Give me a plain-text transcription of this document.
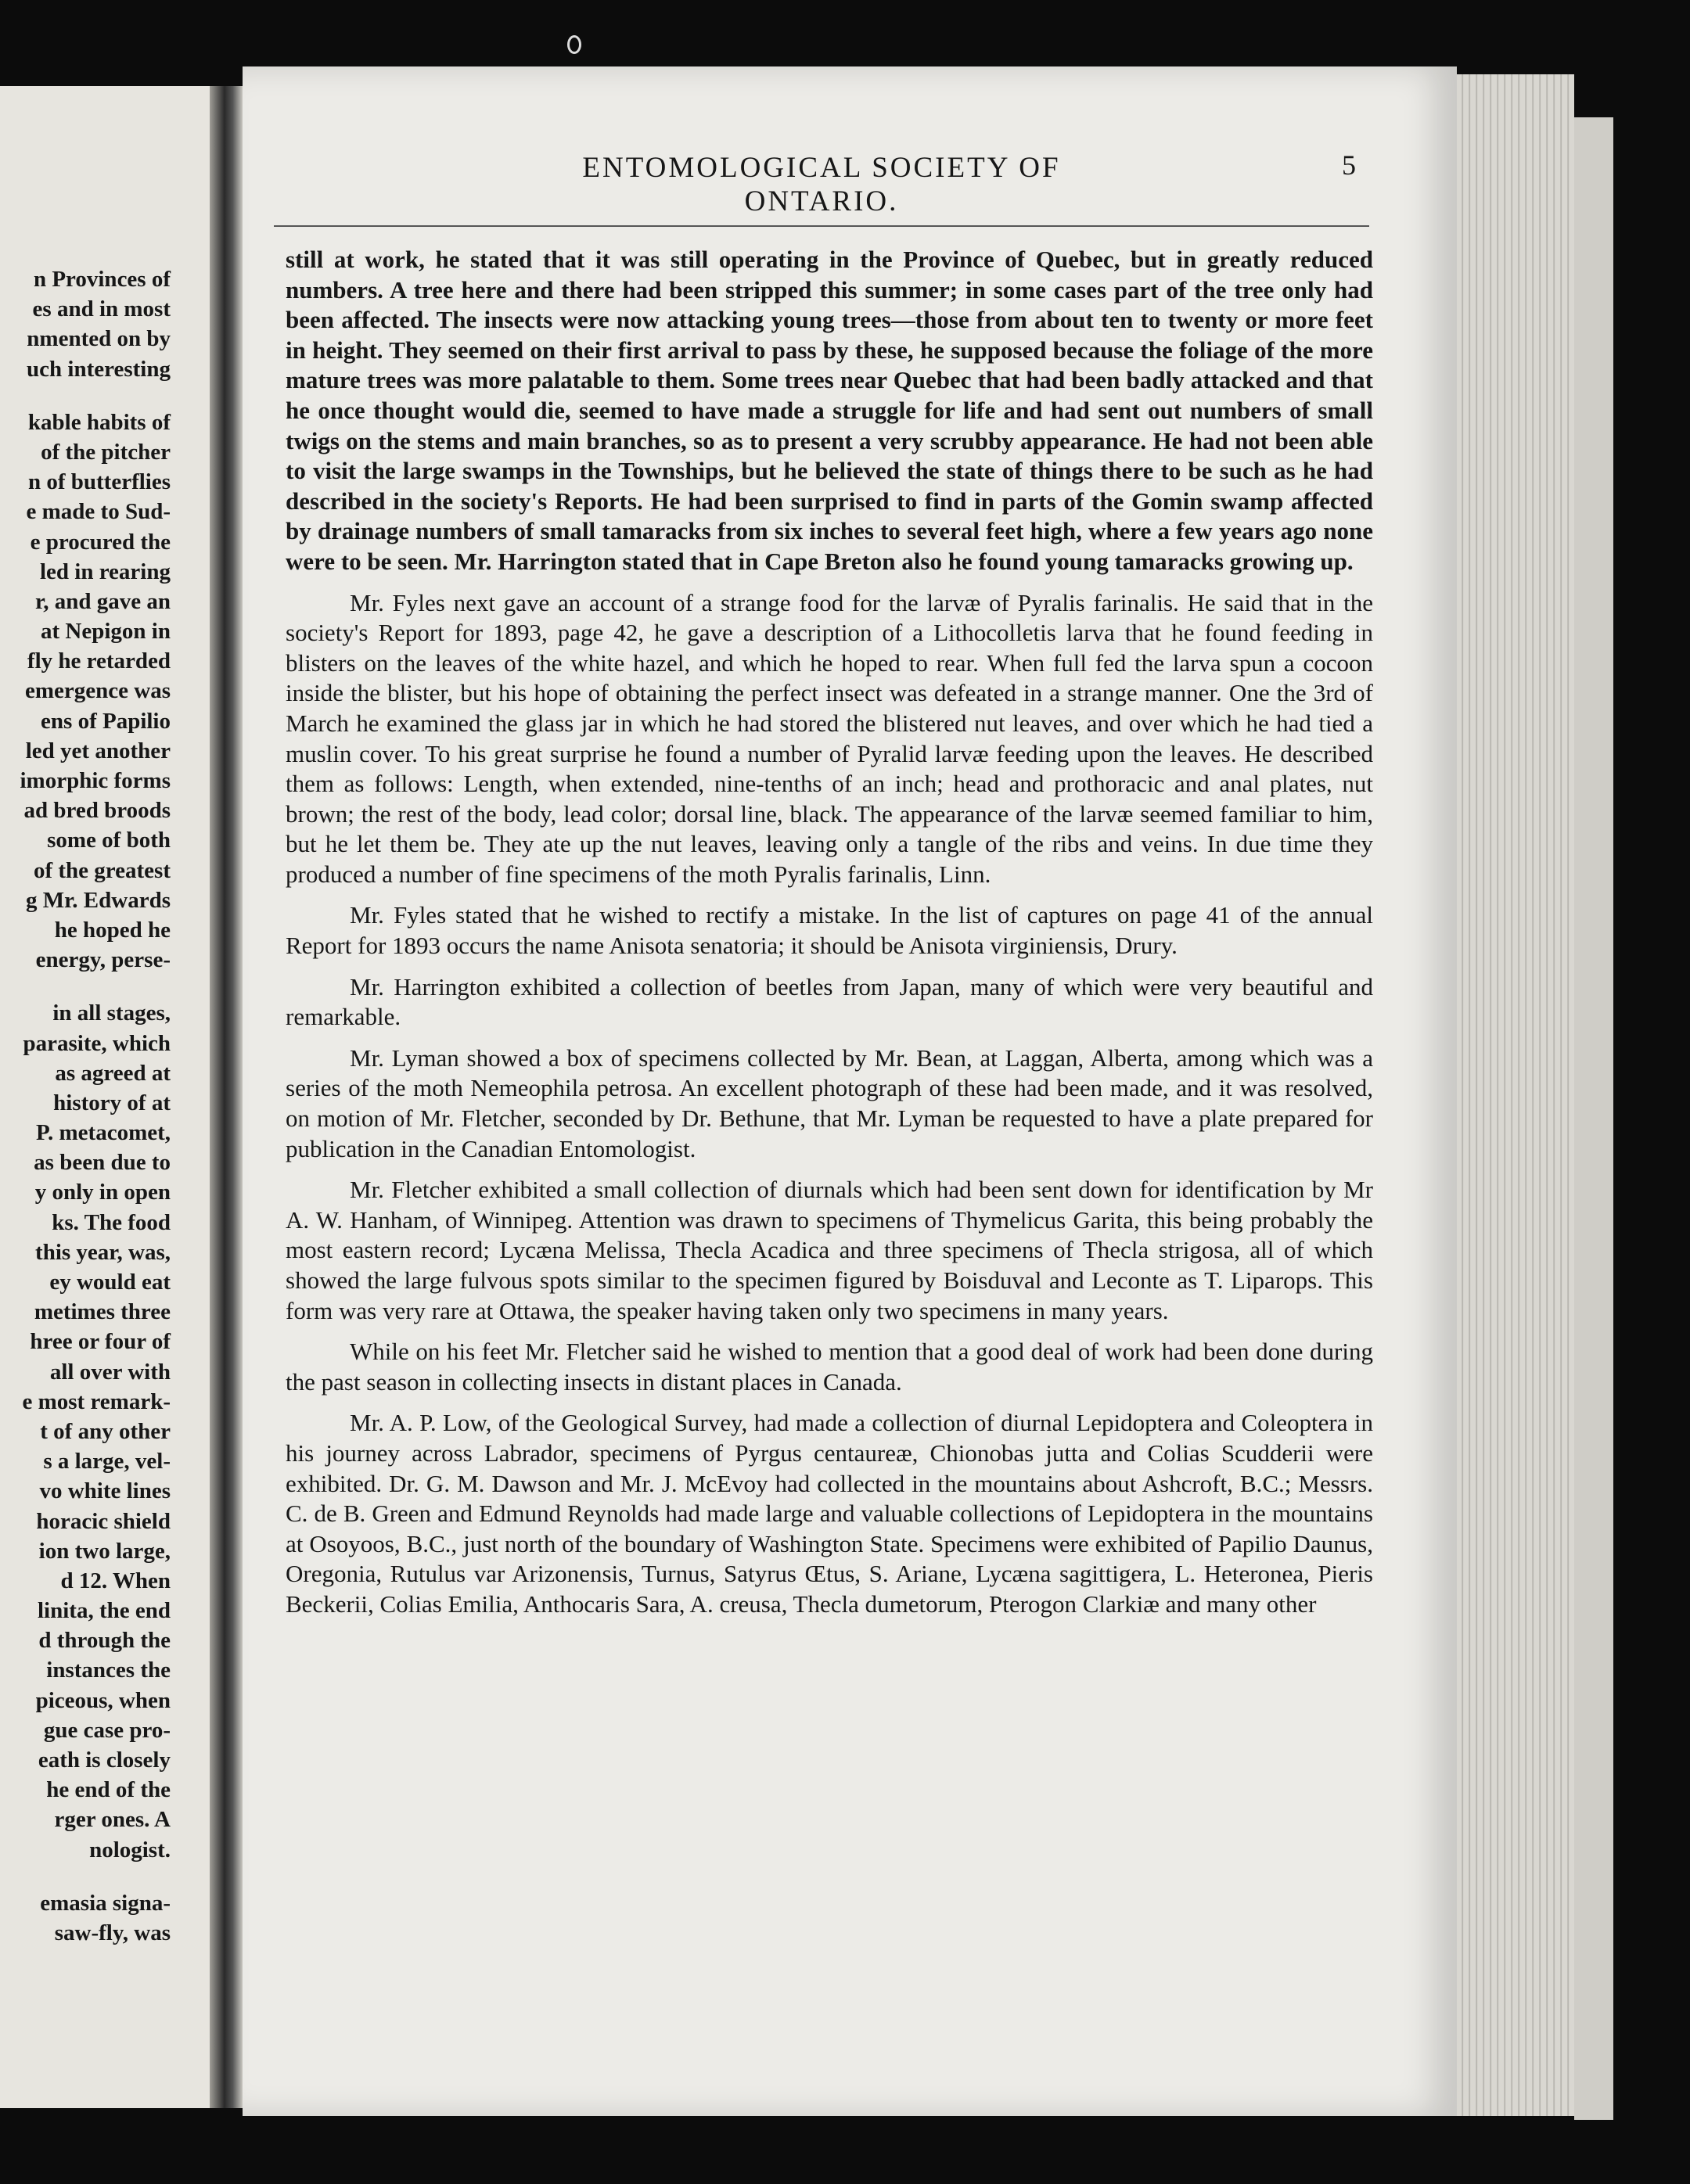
n Provinces of
es and in most
nmented on by
uch interesting
kable habits of
of the pitcher
n of butterflies
e made to Sud-
e procured the
led in rearing
r, and gave an
at Nepigon in
fly he retarded
emergence was
ens of Papilio
led yet another
imorphic forms
ad bred broods
some of both
of the greatest
g Mr. Edwards
he hoped he
energy, perse-
in all stages,
parasite, which
as agreed at
history of at
P. metacomet,
as been due to
y only in open
ks. The food
this year, was,
ey would eat
metimes three
hree or four of
all over with
e most remark-
t of any other
s a large, vel-
vo white lines
horacic shield
ion two large,
d 12. When
linita, the end
d through the
instances the
piceous, when
gue case pro-
eath is closely
he end of the
rger ones. A
nologist.
emasia signa-
saw-fly, was
ENTOMOLOGICAL SOCIETY OF ONTARIO.
5

still at work, he stated that it was still operating in the Province of Quebec, but in greatly reduced numbers. A tree here and there had been stripped this summer; in some cases part of the tree only had been affected. The insects were now attacking young trees—those from about ten to twenty or more feet in height. They seemed on their first arrival to pass by these, he supposed because the foliage of the more mature trees was more palatable to them. Some trees near Quebec that had been badly attacked and that he once thought would die, seemed to have made a struggle for life and had sent out numbers of small twigs on the stems and main branches, so as to present a very scrubby appearance. He had not been able to visit the large swamps in the Townships, but he believed the state of things there to be such as he had described in the society's Reports. He had been surprised to find in parts of the Gomin swamp affected by drainage numbers of small tamaracks from six inches to several feet high, where a few years ago none were to be seen. Mr. Harrington stated that in Cape Breton also he found young tamaracks growing up.

Mr. Fyles next gave an account of a strange food for the larvæ of Pyralis farinalis. He said that in the society's Report for 1893, page 42, he gave a description of a Lithocolletis larva that he found feeding in blisters on the leaves of the white hazel, and which he hoped to rear. When full fed the larva spun a cocoon inside the blister, but his hope of obtaining the perfect insect was defeated in a strange manner. One the 3rd of March he examined the glass jar in which he had stored the blistered nut leaves, and over which he had tied a muslin cover. To his great surprise he found a number of Pyralid larvæ feeding upon the leaves. He described them as follows: Length, when extended, nine-tenths of an inch; head and prothoracic and anal plates, nut brown; the rest of the body, lead color; dorsal line, black. The appearance of the larvæ seemed familiar to him, but he let them be. They ate up the nut leaves, leaving only a tangle of the ribs and veins. In due time they produced a number of fine specimens of the moth Pyralis farinalis, Linn.

Mr. Fyles stated that he wished to rectify a mistake. In the list of captures on page 41 of the annual Report for 1893 occurs the name Anisota senatoria; it should be Anisota virginiensis, Drury.

Mr. Harrington exhibited a collection of beetles from Japan, many of which were very beautiful and remarkable.

Mr. Lyman showed a box of specimens collected by Mr. Bean, at Laggan, Alberta, among which was a series of the moth Nemeophila petrosa. An excellent photograph of these had been made, and it was resolved, on motion of Mr. Fletcher, seconded by Dr. Bethune, that Mr. Lyman be requested to have a plate prepared for publication in the Canadian Entomologist.

Mr. Fletcher exhibited a small collection of diurnals which had been sent down for identification by Mr A. W. Hanham, of Winnipeg. Attention was drawn to specimens of Thymelicus Garita, this being probably the most eastern record; Lycæna Melissa, Thecla Acadica and three specimens of Thecla strigosa, all of which showed the large fulvous spots similar to the specimen figured by Boisduval and Leconte as T. Liparops. This form was very rare at Ottawa, the speaker having taken only two specimens in many years.

While on his feet Mr. Fletcher said he wished to mention that a good deal of work had been done during the past season in collecting insects in distant places in Canada.

Mr. A. P. Low, of the Geological Survey, had made a collection of diurnal Lepidoptera and Coleoptera in his journey across Labrador, specimens of Pyrgus centaureæ, Chionobas jutta and Colias Scudderii were exhibited. Dr. G. M. Dawson and Mr. J. McEvoy had collected in the mountains about Ashcroft, B.C.; Messrs. C. de B. Green and Edmund Reynolds had made large and valuable collections of Lepidoptera in the mountains at Osoyoos, B.C., just north of the boundary of Washington State. Specimens were exhibited of Papilio Daunus, Oregonia, Rutulus var Arizonensis, Turnus, Satyrus Œtus, S. Ariane, Lycæna sagittigera, L. Heteronea, Pieris Beckerii, Colias Emilia, Anthocaris Sara, A. creusa, Thecla dumetorum, Pterogon Clarkiæ and many other
